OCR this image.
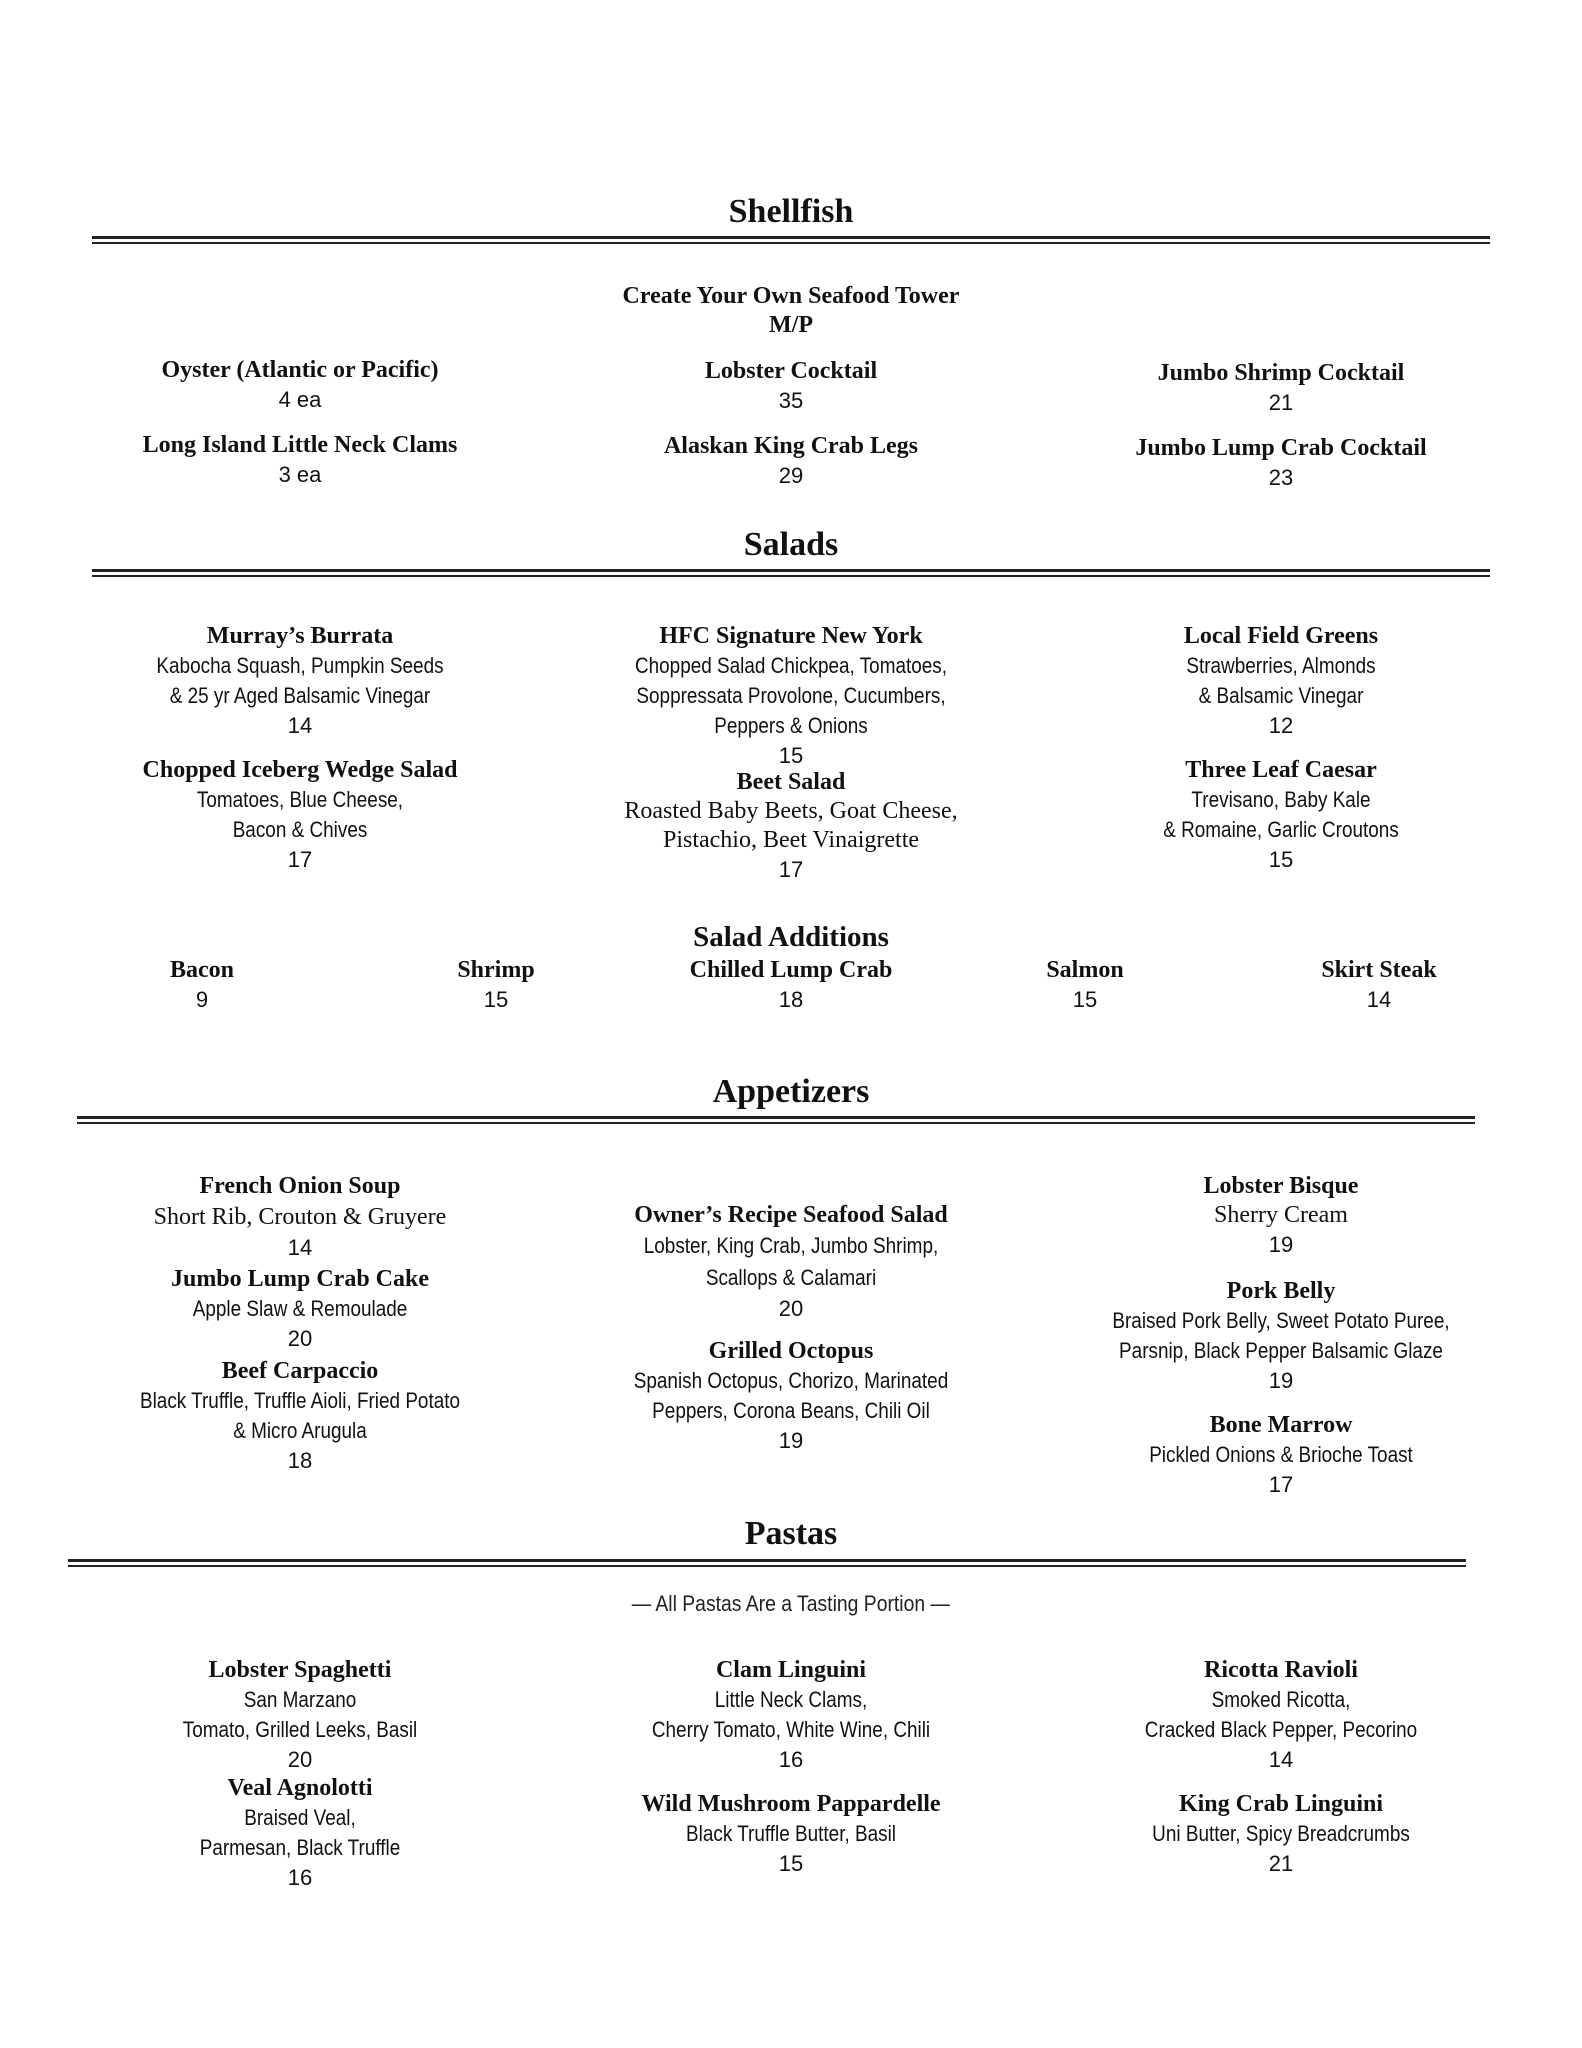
Shellfish
Create Your Own Seafood Tower
M/P
Oyster (Atlantic or Pacific)
4 ea
Lobster Cocktail
35
Jumbo Shrimp Cocktail
21
Long Island Little Neck Clams
3 ea
Alaskan King Crab Legs
29
Jumbo Lump Crab Cocktail
23
Salads
Murray’s Burrata
Kabocha Squash, Pumpkin Seeds
& 25 yr Aged Balsamic Vinegar
14
HFC Signature New York
Chopped Salad Chickpea, Tomatoes,
Soppressata Provolone, Cucumbers,
Peppers & Onions
15
Local Field Greens
Strawberries, Almonds
& Balsamic Vinegar
12
Chopped Iceberg Wedge Salad
Tomatoes, Blue Cheese,
Bacon & Chives
17
Beet Salad
Roasted Baby Beets, Goat Cheese,
Pistachio, Beet Vinaigrette
17
Three Leaf Caesar
Trevisano, Baby Kale
& Romaine, Garlic Croutons
15
Salad Additions
Bacon
9
Shrimp
15
Chilled Lump Crab
18
Salmon
15
Skirt Steak
14
Appetizers
French Onion Soup
Short Rib, Crouton & Gruyere
14
Jumbo Lump Crab Cake
Apple Slaw & Remoulade
20
Beef Carpaccio
Black Truffle, Truffle Aioli, Fried Potato
& Micro Arugula
18
Owner’s Recipe Seafood Salad
Lobster, King Crab, Jumbo Shrimp,
Scallops & Calamari
20
Grilled Octopus
Spanish Octopus, Chorizo, Marinated
Peppers, Corona Beans, Chili Oil
19
Lobster Bisque
Sherry Cream
19
Pork Belly
Braised Pork Belly, Sweet Potato Puree,
Parsnip, Black Pepper Balsamic Glaze
19
Bone Marrow
Pickled Onions & Brioche Toast
17
Pastas
— All Pastas Are a Tasting Portion —
Lobster Spaghetti
San Marzano
Tomato, Grilled Leeks, Basil
20
Clam Linguini
Little Neck Clams,
Cherry Tomato, White Wine, Chili
16
Ricotta Ravioli
Smoked Ricotta,
Cracked Black Pepper, Pecorino
14
Veal Agnolotti
Braised Veal,
Parmesan, Black Truffle
16
Wild Mushroom Pappardelle
Black Truffle Butter, Basil
15
King Crab Linguini
Uni Butter, Spicy Breadcrumbs
21
